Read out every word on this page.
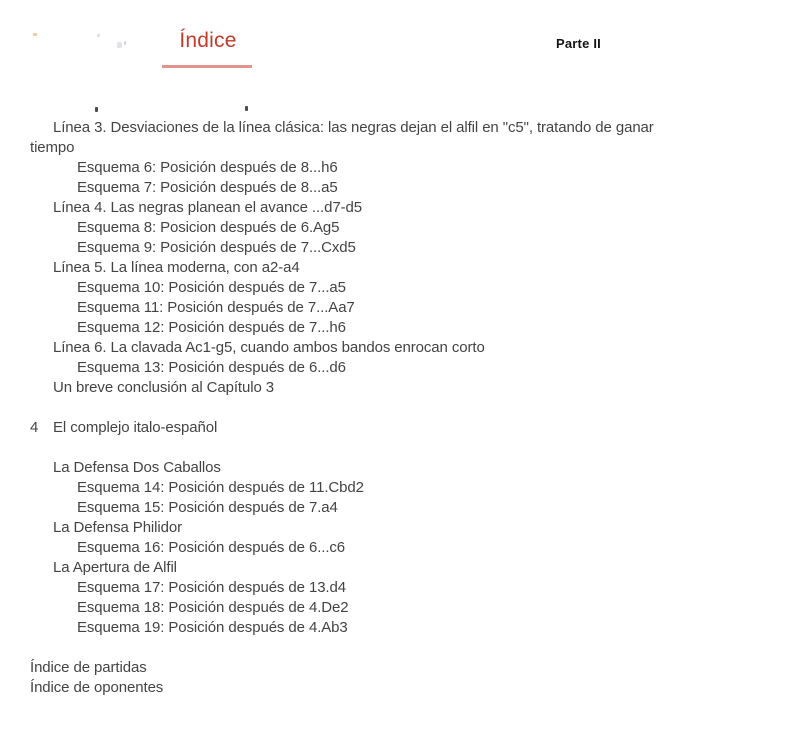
Índice	Parte II
Línea 3. Desviaciones de la línea clásica: las negras dejan el alfil en "c5", tratando de ganar
tiempo
Esquema 6: Posición después de 8...h6
Esquema 7: Posición después de 8...a5
Línea 4. Las negras planean el avance ...d7-d5
Esquema 8: Posicion después de 6.Ag5
Esquema 9: Posición después de 7...Cxd5
Línea 5. La línea moderna, con a2-a4
Esquema 10: Posición después de 7...a5
Esquema 11: Posición después de 7...Aa7
Esquema 12: Posición después de 7...h6
Línea 6. La clavada Ac1-g5, cuando ambos bandos enrocan corto
Esquema 13: Posición después de 6...d6
Un breve conclusión al Capítulo 3
4 El complejo italo-español
La Defensa Dos Caballos
Esquema 14: Posición después de 11.Cbd2
Esquema 15: Posición después de 7.a4
La Defensa Philidor
Esquema 16: Posición después de 6...c6
La Apertura de Alfil
Esquema 17: Posición después de 13.d4
Esquema 18: Posición después de 4.De2
Esquema 19: Posición después de 4.Ab3
Índice de partidas
Índice de oponentes
